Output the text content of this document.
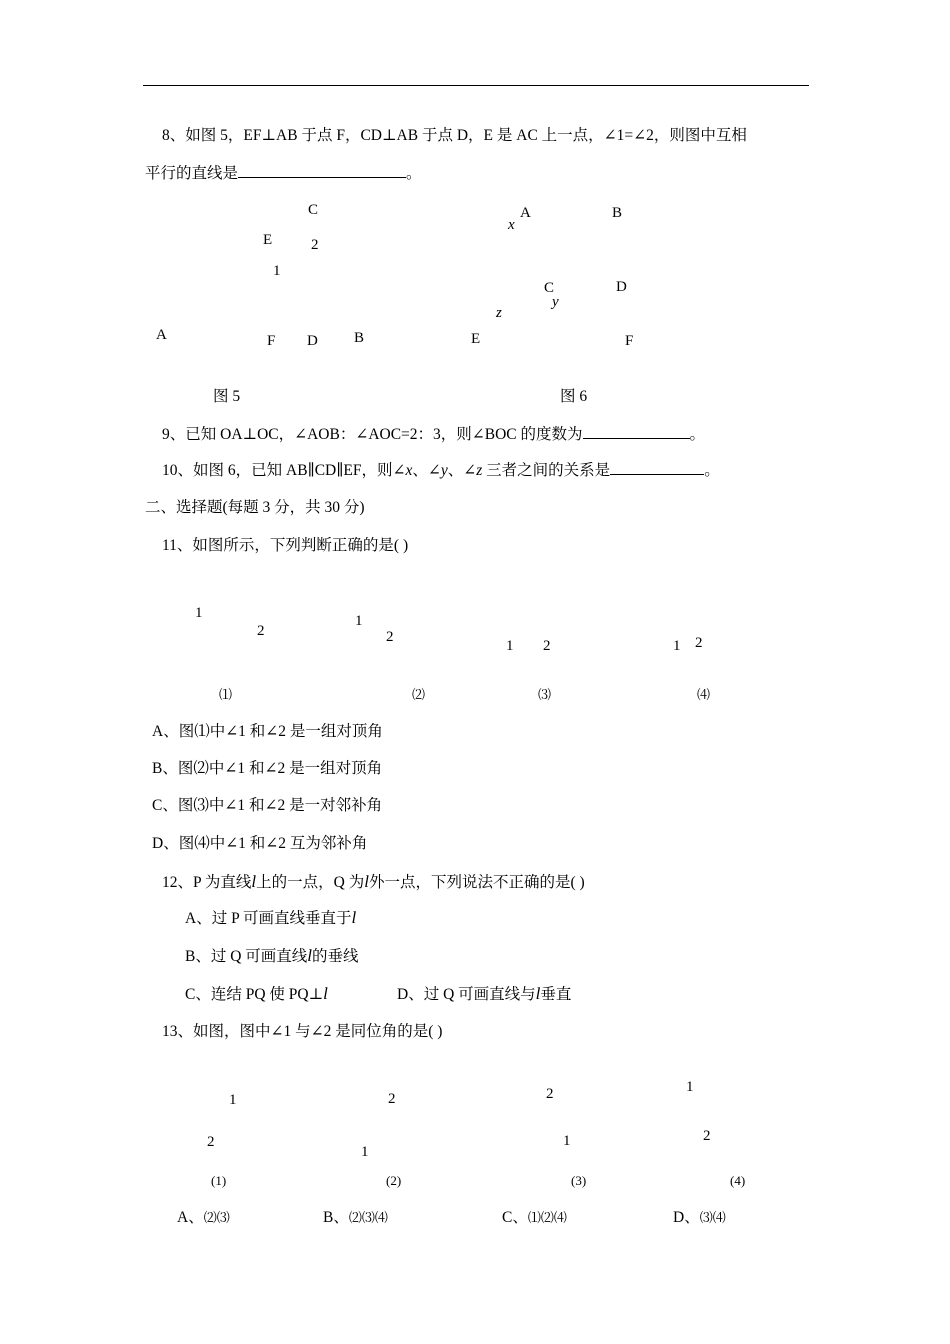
8、如图 5，EF⊥AB 于点 F，CD⊥AB 于点 D，E 是 AC 上一点，∠1=∠2，则图中互相
平行的直线是	。
C
E	2
1
A	F D B
图 5
x
A	B
C
y
D
z
E	F
图 6
9、已知 OA⊥OC，∠AOB：∠AOC=2：3，则∠BOC 的度数为	。
10、如图 6，已知 AB∥CD∥EF，则∠x、∠y、∠z 三者之间的关系是	。
二、选择题(每题 3 分，共 30 分)
11、如图所示，下列判断正确的是( )
1
2
1
2
1 2	1 2
⑴	⑵	⑶	⑷
A、图⑴中∠1 和∠2 是一组对顶角
B、图⑵中∠1 和∠2 是一组对顶角
C、图⑶中∠1 和∠2 是一对邻补角
D、图⑷中∠1 和∠2 互为邻补角
12、P 为直线l上的一点，Q 为l外一点，下列说法不正确的是( )
A、过 P 可画直线垂直于l
B、过 Q 可画直线l的垂线
C、连结 PQ 使 PQ⊥l	D、过 Q 可画直线与l垂直
13、如图，图中∠1 与∠2 是同位角的是( )
1
2
2
1
2
1
1
2
(1)	(2)	(3)	(4)
A、⑵⑶	B、⑵⑶⑷	C、⑴⑵⑷	D、⑶⑷
